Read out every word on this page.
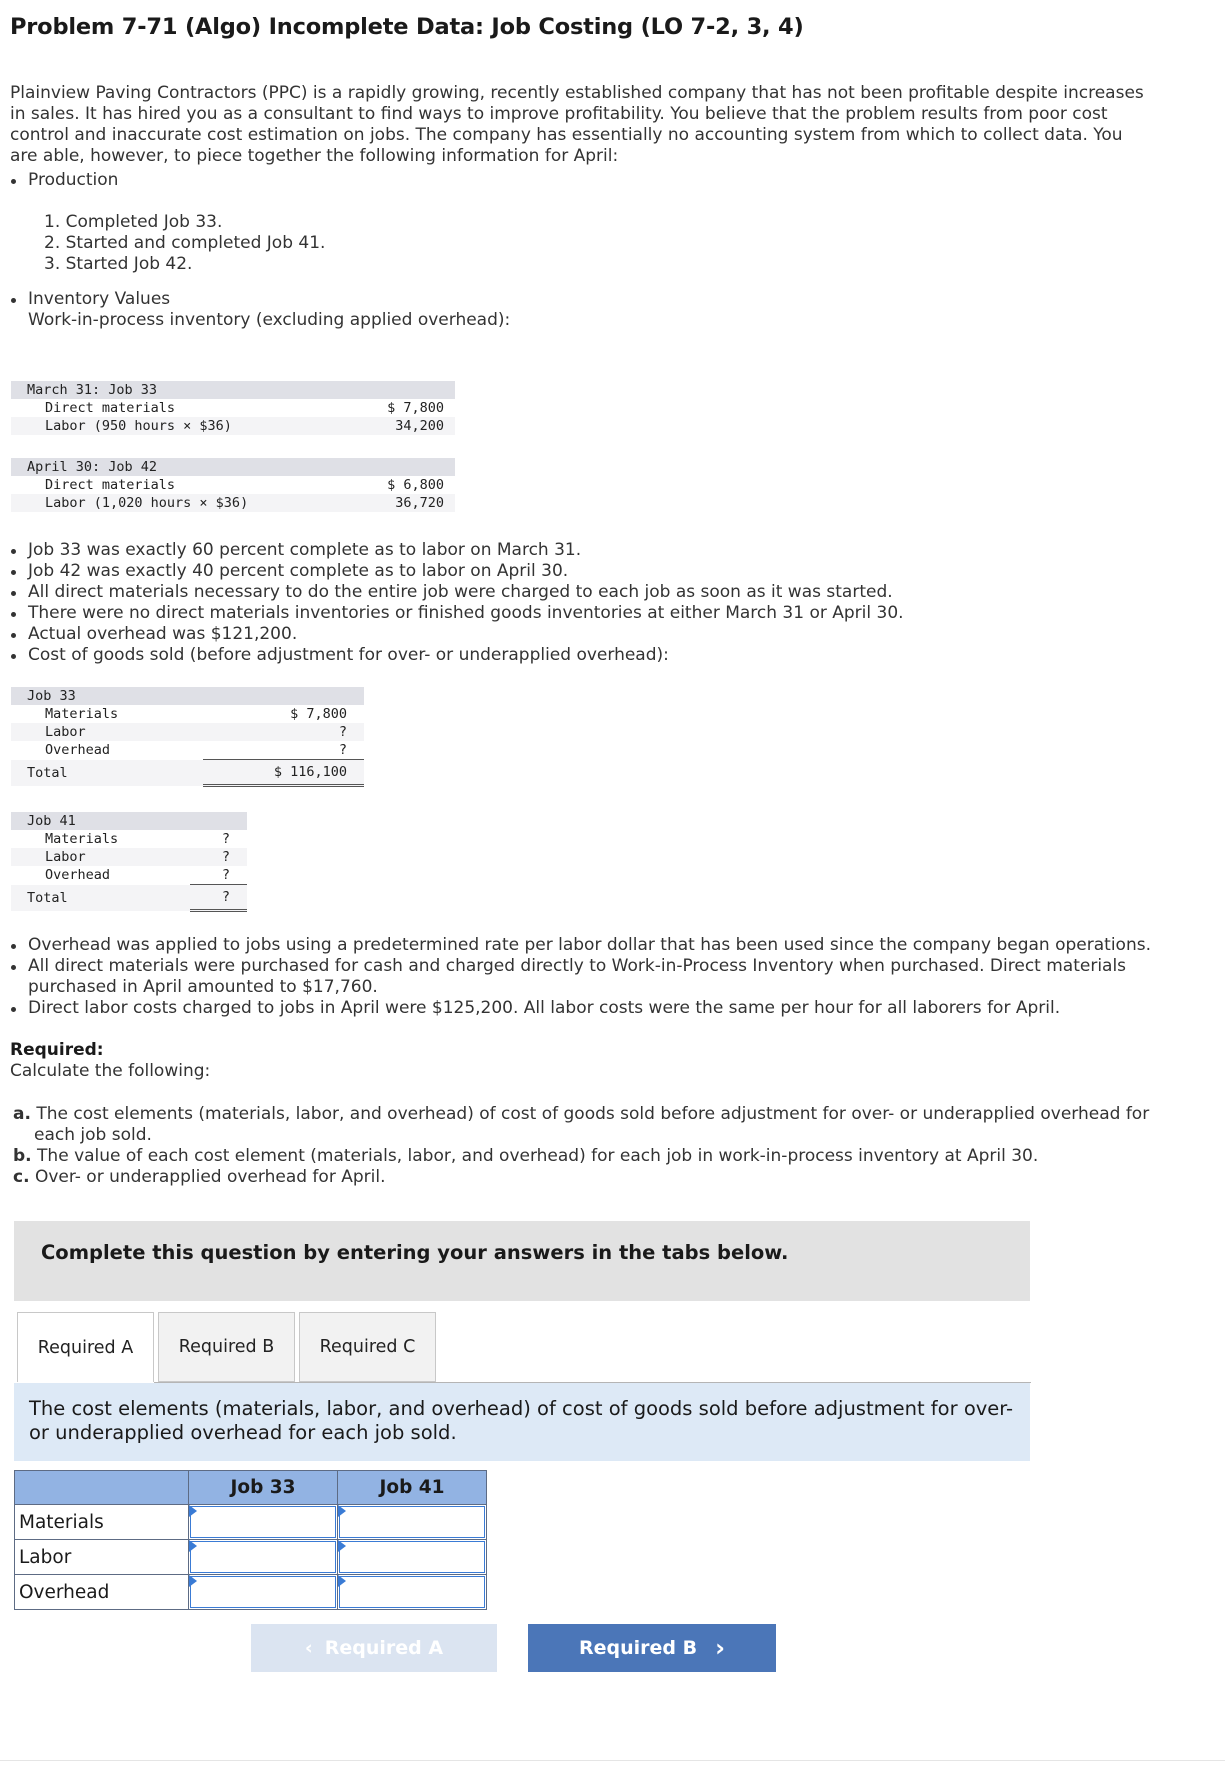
Problem 7-71 (Algo) Incomplete Data: Job Costing (LO 7-2, 3, 4)

Plainview Paving Contractors (PPC) is a rapidly growing, recently established company that has not been profitable despite increases in sales. It has hired you as a consultant to find ways to improve profitability. You believe that the problem results from poor cost control and inaccurate cost estimation on jobs. The company has essentially no accounting system from which to collect data. You are able, however, to piece together the following information for April:

Production
1. Completed Job 33.
2. Started and completed Job 41.
3. Started Job 42.
Inventory Values
Work-in-process inventory (excluding applied overhead):
March 31: Job 33	
Direct materials	$ 7,800
Labor (950 hours × $36)	34,200
April 30: Job 42	
Direct materials	$ 6,800
Labor (1,020 hours × $36)	36,720
Job 33 was exactly 60 percent complete as to labor on March 31.
Job 42 was exactly 40 percent complete as to labor on April 30.
All direct materials necessary to do the entire job were charged to each job as soon as it was started.
There were no direct materials inventories or finished goods inventories at either March 31 or April 30.
Actual overhead was $121,200.
Cost of goods sold (before adjustment for over- or underapplied overhead):
Job 33	
Materials	$ 7,800
Labor	?
Overhead	?
Total	$ 116,100
Job 41	
Materials	?
Labor	?
Overhead	?
Total	?
Overhead was applied to jobs using a predetermined rate per labor dollar that has been used since the company began operations.
All direct materials were purchased for cash and charged directly to Work-in-Process Inventory when purchased. Direct materials purchased in April amounted to $17,760.
Direct labor costs charged to jobs in April were $125,200. All labor costs were the same per hour for all laborers for April.
Required:
Calculate the following:
a. The cost elements (materials, labor, and overhead) of cost of goods sold before adjustment for over- or underapplied overhead for each job sold.
b. The value of each cost element (materials, labor, and overhead) for each job in work-in-process inventory at April 30.
c. Over- or underapplied overhead for April.
Complete this question by entering your answers in the tabs below.
Required A	Required B	Required C
The cost elements (materials, labor, and overhead) of cost of goods sold before adjustment for over- or underapplied overhead for each job sold.
	Job 33	Job 41
Materials	

Labor	

Overhead	

‹ Required A	Required B ›
